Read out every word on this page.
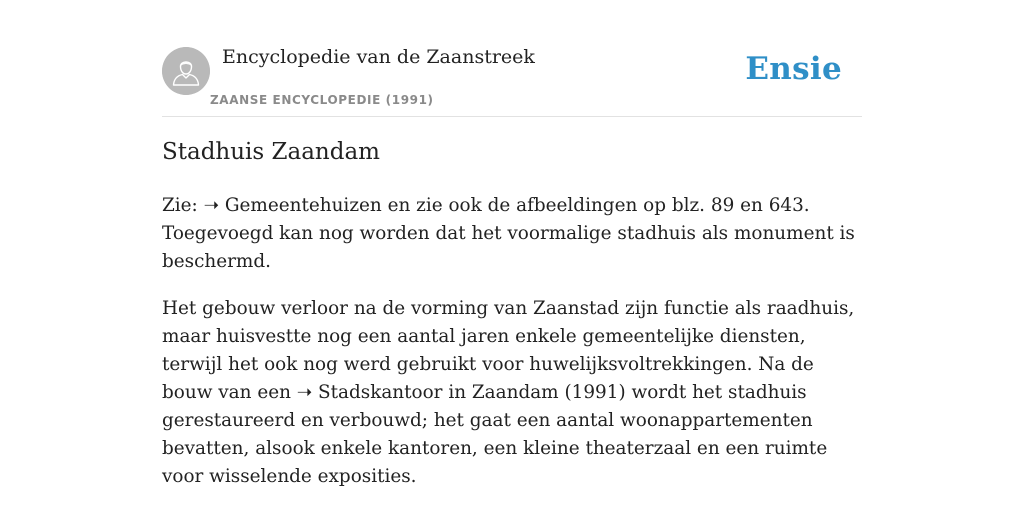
Encyclopedie van de Zaanstreek
ZAANSE ENCYCLOPEDIE (1991)
Ensie
Stadhuis Zaandam

Zie: ➝ Gemeentehuizen en zie ook de afbeeldingen op blz. 89 en 643. Toegevoegd kan nog worden dat het voormalige stadhuis als monument is beschermd.

Het gebouw verloor na de vorming van Zaanstad zijn functie als raadhuis, maar huisvestte nog een aantal jaren enkele gemeentelijke diensten, terwijl het ook nog werd gebruikt voor huwelijksvoltrekkingen. Na de bouw van een ➝ Stadskantoor in Zaandam (1991) wordt het stadhuis gerestaureerd en verbouwd; het gaat een aantal woonappartementen bevatten, alsook enkele kantoren, een kleine theaterzaal en een ruimte voor wisselende exposities.
